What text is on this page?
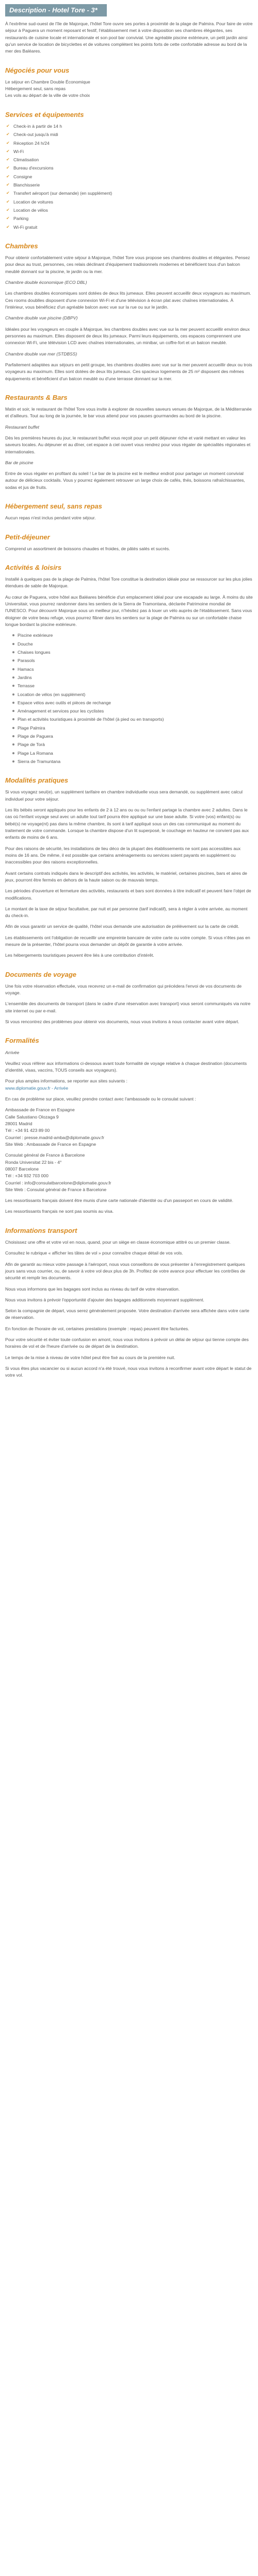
Description - Hotel Tore - 3*

À l'extrême sud-ouest de l'île de Majorque, l'hôtel Tore ouvre ses portes à proximité de la plage de Palmira. Pour faire de votre séjour à Paguera un moment reposant et festif, l'établissement met à votre disposition ses chambres élégantes, ses restaurants de cuisine locale et internationale et son pool bar convivial. Une agréable piscine extérieure, un petit jardin ainsi qu'un service de location de bicyclettes et de voitures complètent les points forts de cette confortable adresse au bord de la mer des Baléares.

Négociés pour vous

Le séjour en Chambre Double Économique
Hébergement seul, sans repas
Les vols au départ de la ville de votre choix

Services et équipements
✔ Check-in à partir de 14 h
✔ Check-out jusqu'à midi
✔ Réception 24 h/24
✔ Wi-Fi
✔ Climatisation
✔ Bureau d'excursions
✔ Consigne
✔ Blanchisserie
✔ Transfert aéroport (sur demande) (en supplément)
✔ Location de voitures
✔ Location de vélos
✔ Parking
✔ Wi-Fi gratuit
Chambres

Pour obtenir confortablement votre séjour à Majorque, l'hôtel Tore vous propose ses chambres doubles et élégantes. Pensez pour deux au trust, personnes, ces relais déclinant d'équipement tradisionnels modernes et bénéficient tous d'un balcon meublé donnant sur la piscine, le jardin ou la mer.

Chambre double économique (ECO DBL)

Les chambres doubles économiques sont dotées de deux lits jumeaux. Elles peuvent accueillir deux voyageurs au maximum. Ces rooms doublles disposent d'une connexion Wi-Fi et d'une télévision à écran plat avec chaînes internationales. À l'intérieur, vous bénéficiez d'un agréable balcon avec vue sur la rue ou sur le jardin.

Chambre double vue piscine (DBPV)

Idéales pour les voyageurs en couple à Majorque, les chambres doubles avec vue sur la mer peuvent accueillir environ deux personnes au maximum. Elles disposent de deux lits jumeaux. Parmi leurs équipements, ces espaces comprennent une connexion Wi-Fi, une télévision LCD avec chaînes internationales, un minibar, un coffre-fort et un balcon meublé.

Chambre double vue mer (STDBSS)

Parfaitement adaptées aux séjours en petit groupe, les chambres doubles avec vue sur la mer peuvent accueillir deux ou trois voyageurs au maximum. Elles sont dotées de deux lits jumeaux. Ces spacieux logements de 25 m² disposent des mêmes équipements et bénéficient d'un balcon meublé ou d'une terrasse donnant sur la mer.

Restaurants & Bars

Matin et soir, le restaurant de l'hôtel Tore vous invite à explorer de nouvelles saveurs venues de Majorque, de la Méditerranée et d'ailleurs. Tout au long de la journée, le bar vous attend pour vos pauses gourmandes au bord de la piscine.

Restaurant buffet

Dès les premières heures du jour, le restaurant buffet vous reçoit pour un petit déjeuner riche et varié mettant en valeur les saveurs locales. Au déjeuner et au dîner, cet espace à ciel ouvert vous rendrez pour vous régaler de spécialités régionales et internationales.

Bar de piscine

Entre de vous régaler en profitant du soleil ! Le bar de la piscine est le meilleur endroit pour partager un moment convivial autour de délicieux cocktails. Vous y pourrez également retrouver un large choix de cafés, thés, boissons rafraîchissantes, sodas et jus de fruits.

Hébergement seul, sans repas

Aucun repas n'est inclus pendant votre séjour.

Petit-déjeuner

Comprend un assortiment de boissons chaudes et froides, de pâtés salés et sucrés.

Activités & loisirs

Installé à quelques pas de la plage de Palmira, l'hôtel Tore constitue la destination idéale pour se ressourcer sur les plus jolies étendues de sable de Majorque.

Au cœur de Paguera, votre hôtel aux Baléares bénéficie d'un emplacement idéal pour une escapade au large. À moins du site Universitair, vous pourrez randonner dans les sentiers de la Sierra de Tramontana, déclarée Patrimoine mondial de l'UNESCO. Pour découvrir Majorque sous un meilleur jour, n'hésitez pas à louer un vélo auprès de l'établissement. Sans vous éloigner de votre beau refuge, vous pourrez flâner dans les sentiers sur la plage de Palmira ou sur un confortable chaise longue bordant la piscine extérieure.

Piscine extérieure
Douche
Chaises longues
Parasols
Hamacs
Jardins
Terrasse
Location de vélos (en supplément)
Espace vélos avec outils et pièces de rechange
Aménagement et services pour les cyclistes
Plan et activités touristiques à proximité de l'hôtel (à pied ou en transports)
Plage Palmira
Plage de Paguera
Plage de Torà
Plage La Romana
Sierra de Tramuntana
Modalités pratiques

Si vous voyagez seul(e), un supplément tarifaire en chambre individuelle vous sera demandé, ou supplément avec calcul individuel pour votre séjour.

Les lits bébés seront appliqués pour les enfants de 2 à 12 ans ou ou ou l'enfant partage la chambre avec 2 adultes. Dans le cas où l'enfant voyage seul avec un adulte tout tarif pourra être appliqué sur une base adulte. Si votre (vos) enfant(s) ou bébé(s) ne voyage(nt) pas dans la même chambre, ils sont à tarif appliqué sous un des cas communiqué au moment du traitement de votre commande. Lorsque la chambre dispose d'un lit superposé, le couchage en hauteur ne convient pas aux enfants de moins de 6 ans.

Pour des raisons de sécurité, les installations de lieu déco de la plupart des établissements ne sont pas accessibles aux moins de 16 ans. De même, il est possible que certains aménagements ou services soient payants en supplément ou inaccessibles pour des raisons exceptionnelles.

Avant certains contrats indiqués dans le descriptif des activités, les activités, le matériel, certaines piscines, bars et aires de jeux, pourront être fermés en dehors de la haute saison ou de mauvais temps.

Les périodes d'ouverture et fermeture des activités, restaurants et bars sont données à titre indicatif et peuvent faire l'objet de modifications.

Le montant de la taxe de séjour facultative, par nuit et par personne (tarif indicatif), sera à régler à votre arrivée, au moment du check-in.

Afin de vous garantir un service de qualité, l'hôtel vous demande une autorisation de prélèvement sur la carte de crédit.

Les établissements ont l'obligation de recueillir une empreinte bancaire de votre carte ou votre compte. Si vous n'êtes pas en mesure de la présenter, l'hôtel pourra vous demander un dépôt de garantie à votre arrivée.

Les hébergements touristiques peuvent être liés à une contribution d'intérêt.

Documents de voyage

Une fois votre réservation effectuée, vous recevrez un e-mail de confirmation qui précédera l'envoi de vos documents de voyage.

L'ensemble des documents de transport (dans le cadre d'une réservation avec transport) vous seront communiqués via notre site internet ou par e-mail.

Si vous rencontrez des problèmes pour obtenir vos documents, nous vous invitons à nous contacter avant votre départ.

Formalités

Arrivée

Veuillez vous référer aux informations ci-dessous avant toute formalité de voyage relative à chaque destination (documents d'identité, visas, vaccins, TOUS conseils aux voyageurs).

Pour plus amples informations, se reporter aux sites suivants :
www.diplomatie.gouv.fr - Arrivée

En cas de problème sur place, veuillez prendre contact avec l'ambassade ou le consulat suivant :

Ambassade de France en Espagne
Calle Salustiano Olozaga 9
28001 Madrid
Tél : +34 91 423 89 00
Courriel : presse.madrid-amba@diplomatie.gouv.fr
Site Web : Ambassade de France en Espagne

Consulat général de France à Barcelone
Ronda Universitat 22 bis - 4°
08007 Barcelone
Tél : +34 932 703 000
Courriel : info@consulatbarcelone@diplomatie.gouv.fr
Site Web : Consulat général de France à Barcelone

Les ressortissants français doivent être munis d'une carte nationale d'identité ou d'un passeport en cours de validité.

Les ressortissants français ne sont pas soumis au visa.

Informations transport

Choisissez une offre et votre vol en nous, quand, pour un siège en classe économique attitré ou un premier classe.

Consultez le rubrique « afficher les tâtes de vol » pour connaître chaque détail de vos vols.

Afin de garantir au mieux votre passage à l'aéroport, nous vous conseillons de vous présenter à l'enregistrement quelques jours sans vous courrier, ou, de savoir à votre vol deux plus de 3h. Profitez de votre avance pour effectuer les contrôles de sécurité et remplir les documents.

Nous vous informons que les bagages sont inclus au niveau du tarif de votre réservation.

Nous vous invitons à prévoir l'opportunité d'ajouter des bagages additionnels moyennant supplément.

Selon la compagnie de départ, vous serez généralement proposée. Votre destination d'arrivée sera affichée dans votre carte de réservation.

En fonction de l'horaire de vol, certaines prestations (exemple : repas) peuvent être facturées.

Pour votre sécurité et éviter toute confusion en amont, nous vous invitons à prévoir un délai de séjour qui tienne compte des horaires de vol et de l'heure d'arrivée ou de départ de la destination.

Le temps de la mise à niveau de votre hôtel peut être fixé au cours de la première nuit.

Si vous êtes plus vacancier ou si aucun accord n'a été trouvé, nous vous invitons à reconfirmer avant votre départ le statut de votre vol.
